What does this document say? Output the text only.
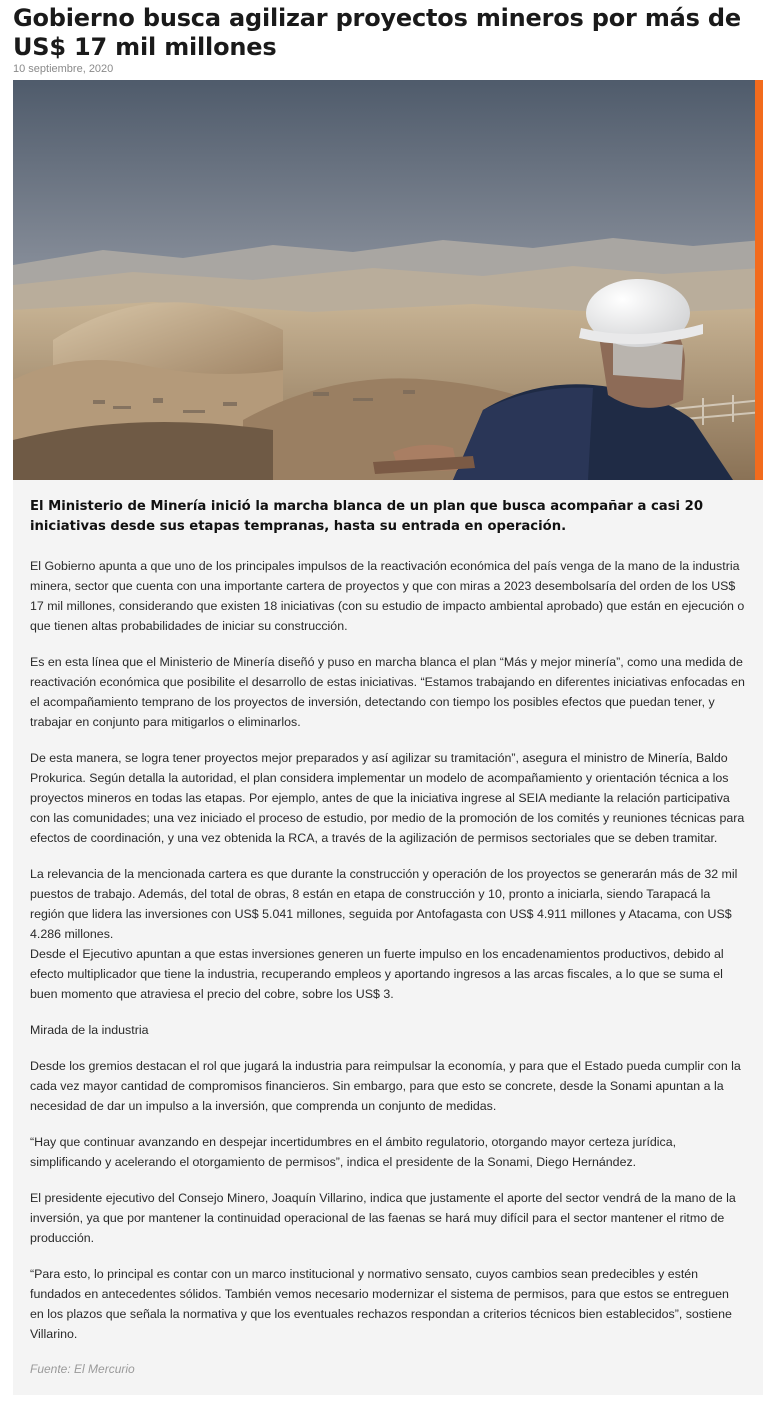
Gobierno busca agilizar proyectos mineros por más de US$ 17 mil millones
10 septiembre, 2020

El Ministerio de Minería inició la marcha blanca de un plan que busca acompañar a casi 20 iniciativas desde sus etapas tempranas, hasta su entrada en operación.

El Gobierno apunta a que uno de los principales impulsos de la reactivación económica del país venga de la mano de la industria minera, sector que cuenta con una importante cartera de proyectos y que con miras a 2023 desembolsaría del orden de los US$ 17 mil millones, considerando que existen 18 iniciativas (con su estudio de impacto ambiental aprobado) que están en ejecución o que tienen altas probabilidades de iniciar su construcción.

Es en esta línea que el Ministerio de Minería diseñó y puso en marcha blanca el plan “Más y mejor minería”, como una medida de reactivación económica que posibilite el desarrollo de estas iniciativas. “Estamos trabajando en diferentes iniciativas enfocadas en el acompañamiento temprano de los proyectos de inversión, detectando con tiempo los posibles efectos que puedan tener, y trabajar en conjunto para mitigarlos o eliminarlos.

De esta manera, se logra tener proyectos mejor preparados y así agilizar su tramitación”, asegura el ministro de Minería, Baldo Prokurica. Según detalla la autoridad, el plan considera implementar un modelo de acompañamiento y orientación técnica a los proyectos mineros en todas las etapas. Por ejemplo, antes de que la iniciativa ingrese al SEIA mediante la relación participativa con las comunidades; una vez iniciado el proceso de estudio, por medio de la promoción de los comités y reuniones técnicas para efectos de coordinación, y una vez obtenida la RCA, a través de la agilización de permisos sectoriales que se deben tramitar.

La relevancia de la mencionada cartera es que durante la construcción y operación de los proyectos se generarán más de 32 mil puestos de trabajo. Además, del total de obras, 8 están en etapa de construcción y 10, pronto a iniciarla, siendo Tarapacá la región que lidera las inversiones con US$ 5.041 millones, seguida por Antofagasta con US$ 4.911 millones y Atacama, con US$ 4.286 millones.

Desde el Ejecutivo apuntan a que estas inversiones generen un fuerte impulso en los encadenamientos productivos, debido al efecto multiplicador que tiene la industria, recuperando empleos y aportando ingresos a las arcas fiscales, a lo que se suma el buen momento que atraviesa el precio del cobre, sobre los US$ 3.

Mirada de la industria

Desde los gremios destacan el rol que jugará la industria para reimpulsar la economía, y para que el Estado pueda cumplir con la cada vez mayor cantidad de compromisos financieros. Sin embargo, para que esto se concrete, desde la Sonami apuntan a la necesidad de dar un impulso a la inversión, que comprenda un conjunto de medidas.

“Hay que continuar avanzando en despejar incertidumbres en el ámbito regulatorio, otorgando mayor certeza jurídica, simplificando y acelerando el otorgamiento de permisos”, indica el presidente de la Sonami, Diego Hernández.

El presidente ejecutivo del Consejo Minero, Joaquín Villarino, indica que justamente el aporte del sector vendrá de la mano de la inversión, ya que por mantener la continuidad operacional de las faenas se hará muy difícil para el sector mantener el ritmo de producción.

“Para esto, lo principal es contar con un marco institucional y normativo sensato, cuyos cambios sean predecibles y estén fundados en antecedentes sólidos. También vemos necesario modernizar el sistema de permisos, para que estos se entreguen en los plazos que señala la normativa y que los eventuales rechazos respondan a criterios técnicos bien establecidos”, sostiene Villarino.

Fuente: El Mercurio
